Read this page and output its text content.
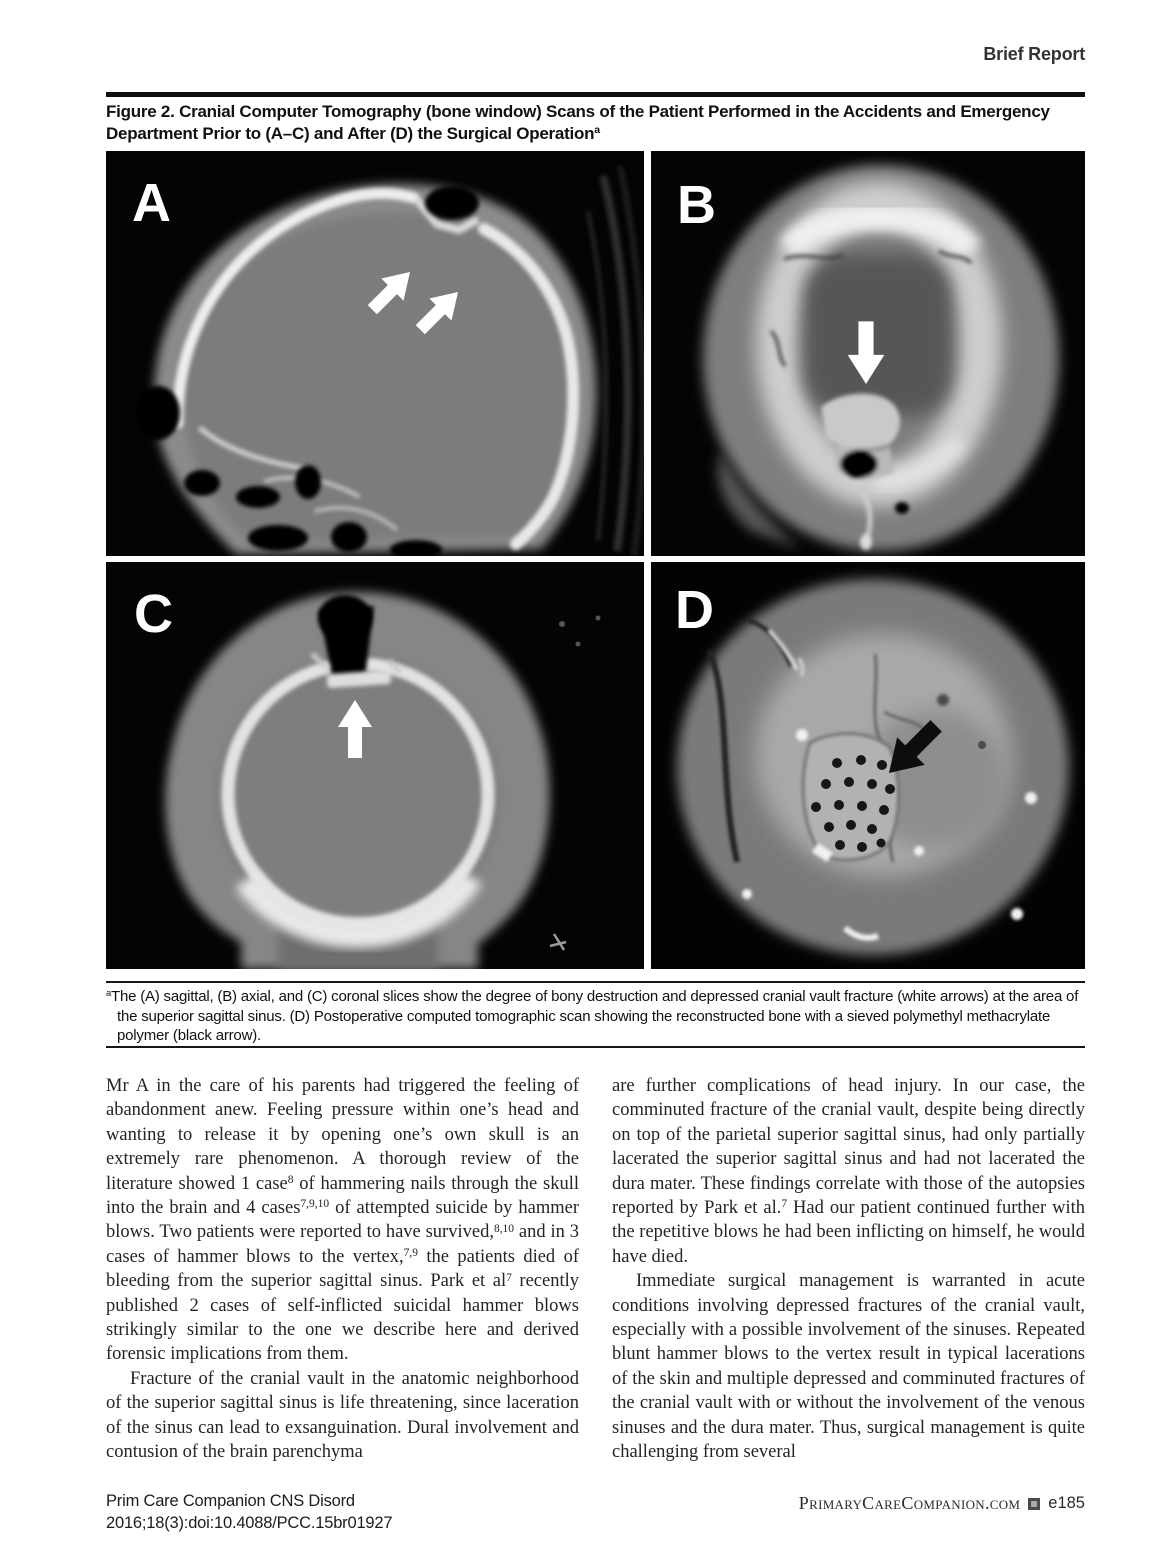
Brief Report
Figure 2. Cranial Computer Tomography (bone window) Scans of the Patient Performed in the Accidents and Emergency Department Prior to (A–C) and After (D) the Surgical Operation$^a$
A	B
C	D
$^a$The (A) sagittal, (B) axial, and (C) coronal slices show the degree of bony destruction and depressed cranial vault fracture (white arrows) at the area of the superior sagittal sinus. (D) Postoperative computed tomographic scan showing the reconstructed bone with a sieved polymethyl methacrylate polymer (black arrow).

Mr A in the care of his parents had triggered the feeling of abandonment anew. Feeling pressure within one’s head and wanting to release it by opening one’s own skull is an extremely rare phenomenon. A thorough review of the literature showed 1 case$^8$ of hammering nails through the skull into the brain and 4 cases$^{7,9,10}$ of attempted suicide by hammer blows. Two patients were reported to have survived,$^{8,10}$ and in 3 cases of hammer blows to the vertex,$^{7,9}$ the patients died of bleeding from the superior sagittal sinus. Park et $al^7$ recently published 2 cases of self-inflicted suicidal hammer blows strikingly similar to the one we describe here and derived forensic implications from them.

Fracture of the cranial vault in the anatomic neighborhood of the superior sagittal sinus is life threatening, since laceration of the sinus can lead to exsanguination. Dural involvement and contusion of the brain parenchyma

are further complications of head injury. In our case, the comminuted fracture of the cranial vault, despite being directly on top of the parietal superior sagittal sinus, had only partially lacerated the superior sagittal sinus and had not lacerated the dura mater. These findings correlate with those of the autopsies reported by Park et al.$^7$ Had our patient continued further with the repetitive blows he had been inflicting on himself, he would have died.

Immediate surgical management is warranted in acute conditions involving depressed fractures of the cranial vault, especially with a possible involvement of the sinuses. Repeated blunt hammer blows to the vertex result in typical lacerations of the skin and multiple depressed and comminuted fractures of the cranial vault with or without the involvement of the venous sinuses and the dura mater. Thus, surgical management is quite challenging from several

Prim Care Companion CNS Disord
2016;18(3):doi:10.4088/PCC.15br01927
PrimaryCareCompanion.com e185
